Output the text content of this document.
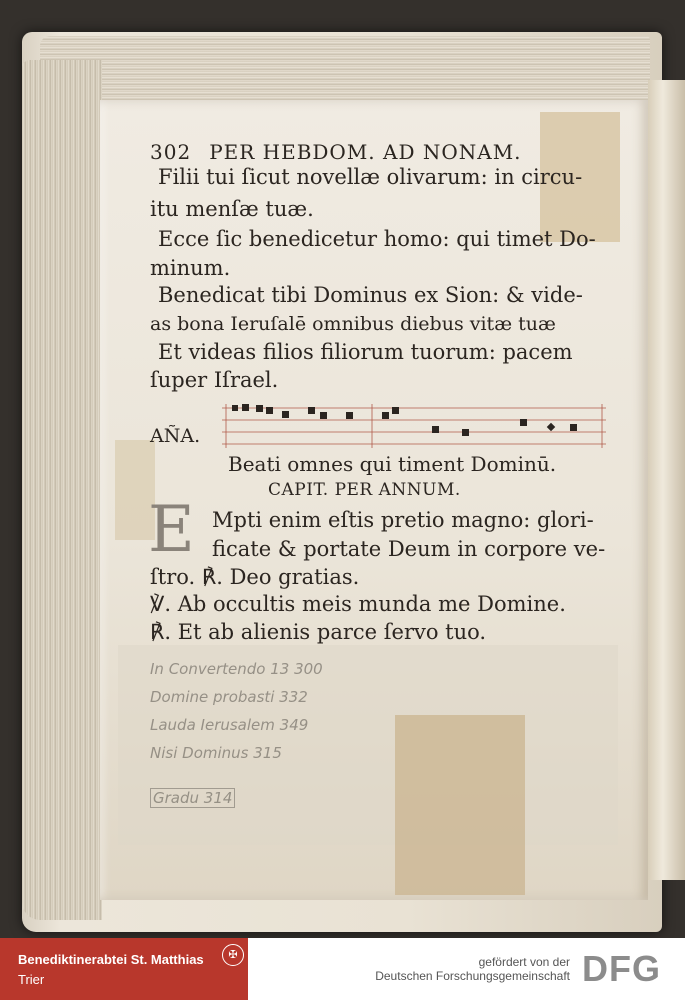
302 PER HEBDOM. AD NONAM.
Filii tui ſicut novellæ olivarum: in circu-
itu menſæ tuæ.
Ecce ſic benedicetur homo: qui timet Do-
minum.
Benedicat tibi Dominus ex Sion: & vide-
as bona Ieruſalē omnibus diebus vitæ tuæ
Et videas filios filiorum tuorum: pacem
ſuper Iſrael.
AÑA.
Beati omnes qui timent Dominū.
CAPIT. PER ANNUM.
E Mpti enim eſtis pretio magno: glori-
ficate & portate Deum in corpore ve-
ſtro. ℟. Deo gratias.
℣. Ab occultis meis munda me Domine.
℟. Et ab alienis parce ſervo tuo.
In Convertendo 13 300
Domine probasti 332
Lauda Ierusalem 349
Nisi Dominus 315
Gradu 314
Benediktinerabtei St. Matthias
Trier
✠	gefördert von der
Deutschen Forschungsgemeinschaft DFG
